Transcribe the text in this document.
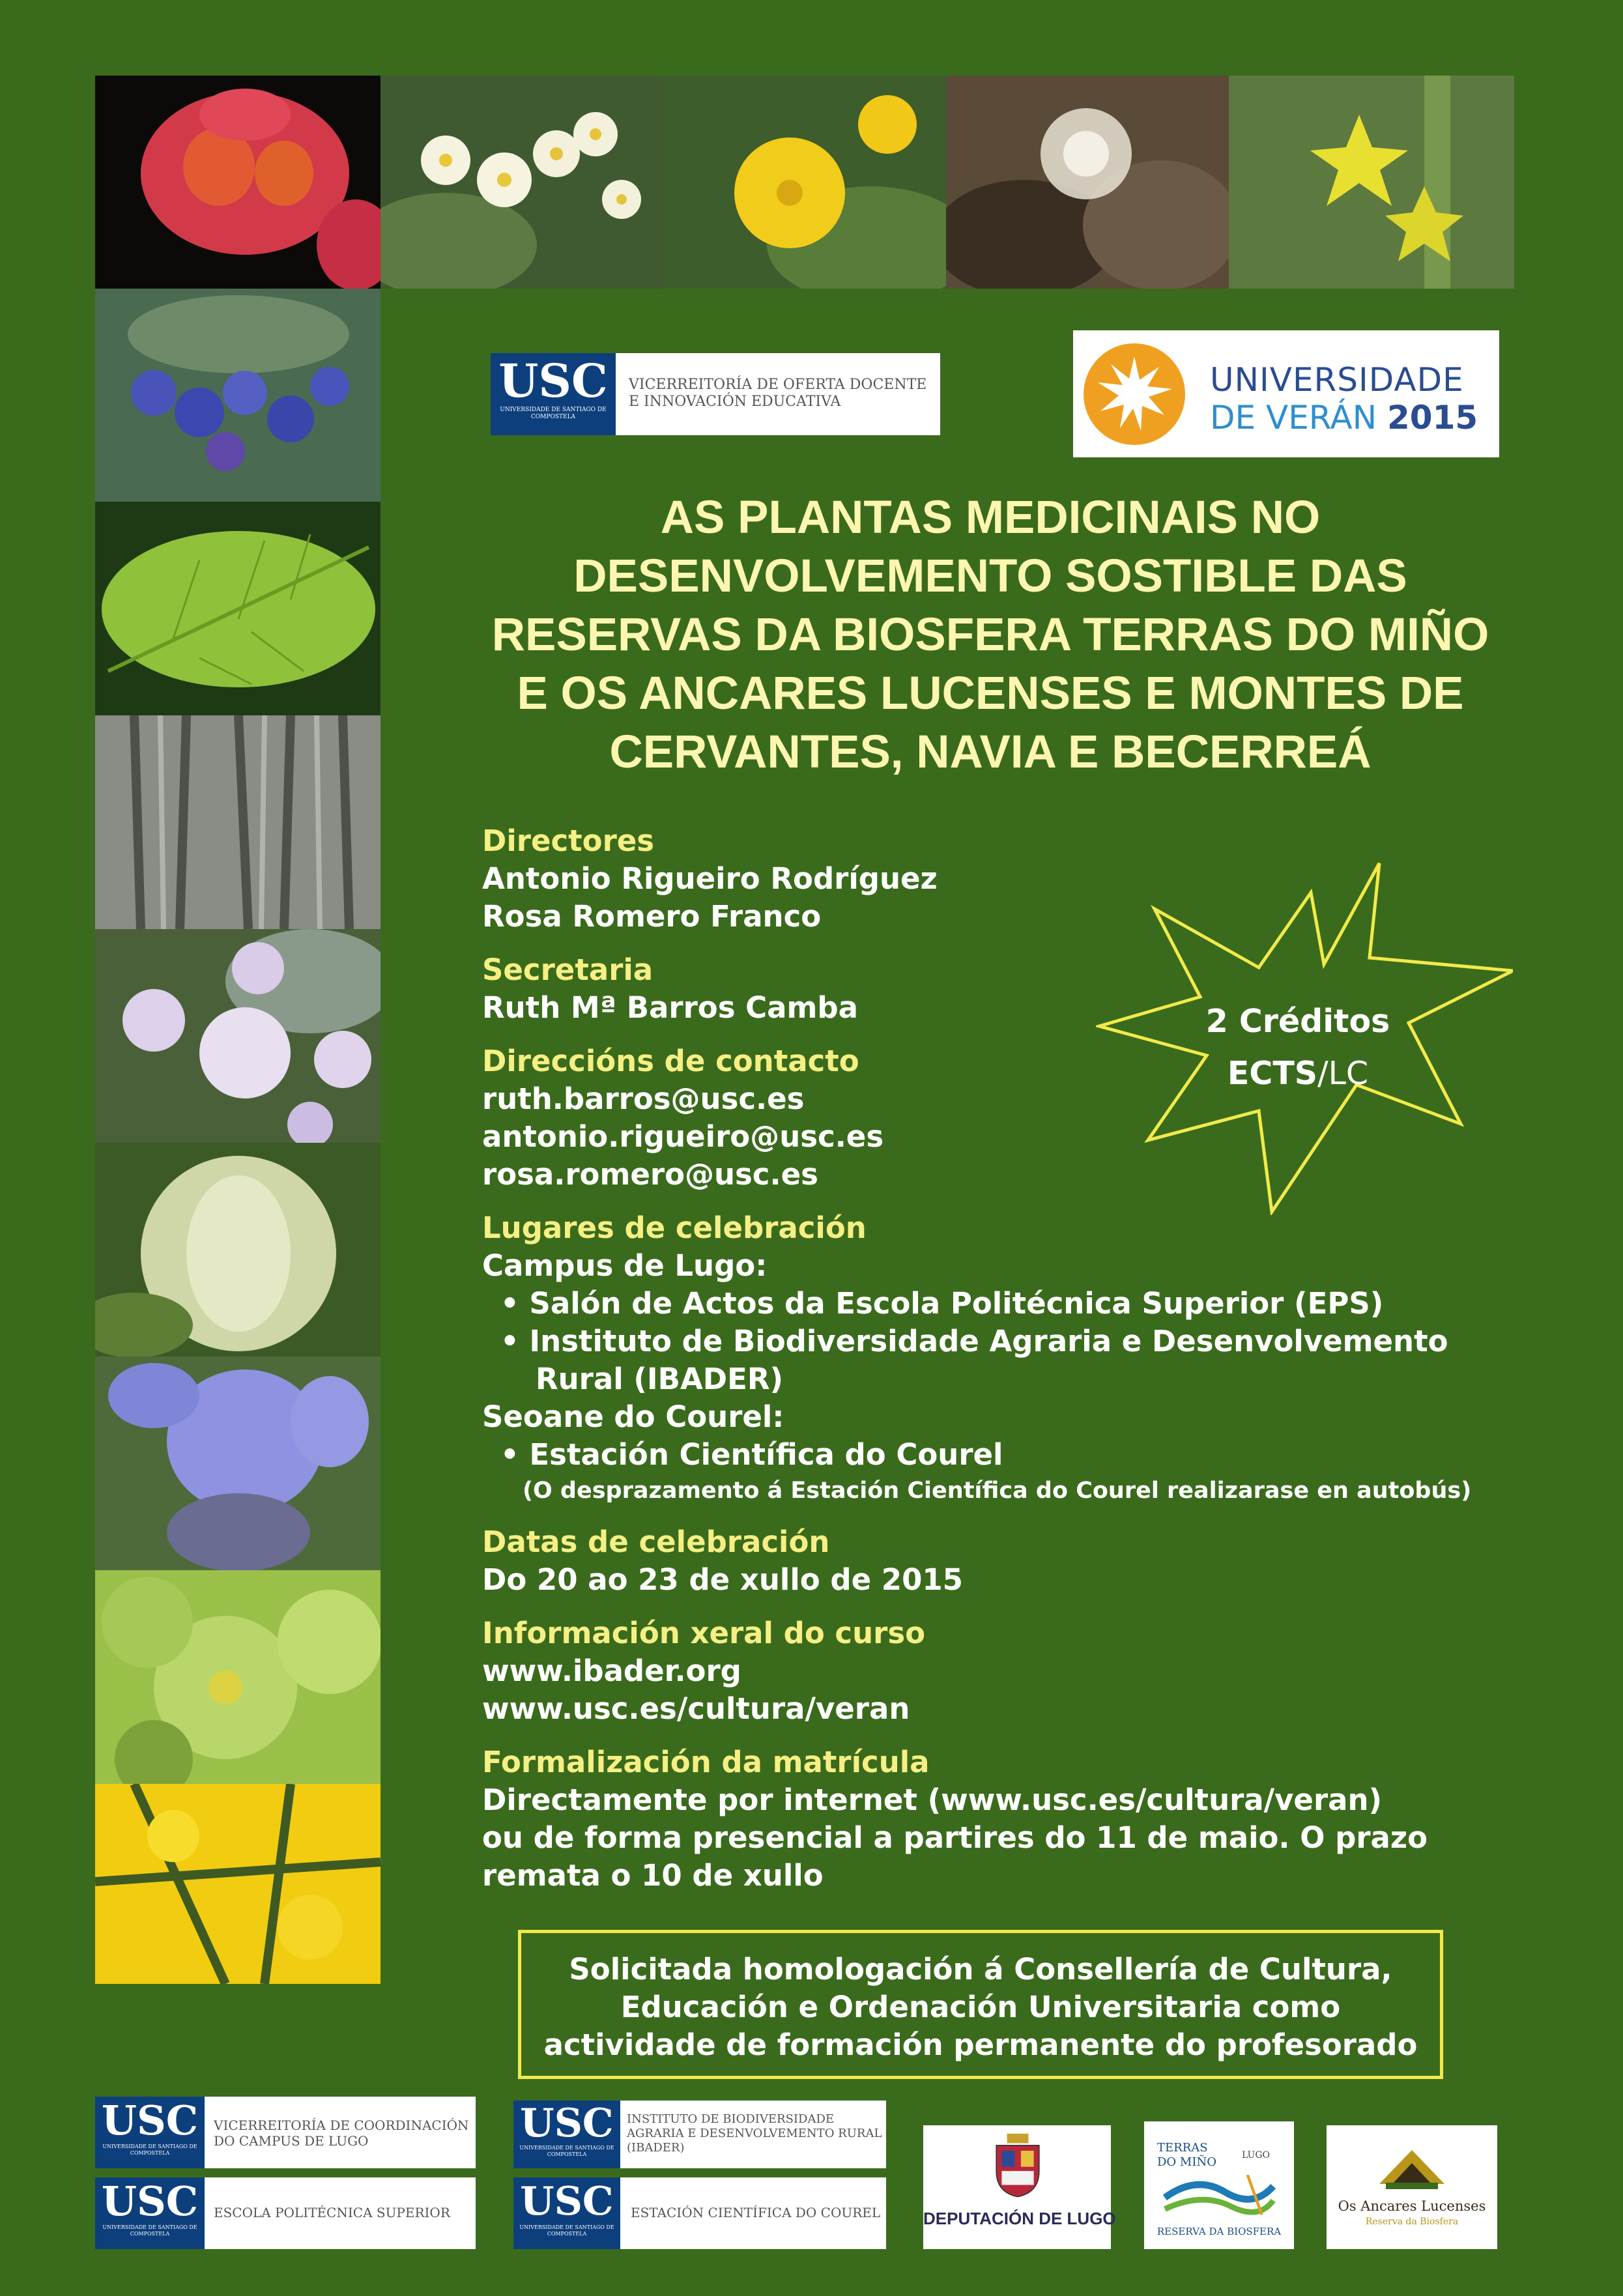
USC
UNIVERSIDADE DE SANTIAGO DE COMPOSTELA
VICERREITORÍA DE OFERTA DOCENTE
E INNOVACIÓN EDUCATIVA
UNIVERSIDADE
DE VERÁN 2015
AS PLANTAS MEDICINAIS NO
DESENVOLVEMENTO SOSTIBLE DAS
RESERVAS DA BIOSFERA TERRAS DO MIÑO
E OS ANCARES LUCENSES E MONTES DE
CERVANTES, NAVIA E BECERREÁ
2 Créditos
ECTS/LC
Directores
Antonio Rigueiro Rodríguez
Rosa Romero Franco
Secretaria
Ruth Mª Barros Camba
Direccións de contacto
ruth.barros@usc.es
antonio.rigueiro@usc.es
rosa.romero@usc.es
Lugares de celebración
Campus de Lugo:
• Salón de Actos da Escola Politécnica Superior (EPS)
• Instituto de Biodiversidade Agraria e Desenvolvemento
Rural (IBADER)
Seoane do Courel:
• Estación Científica do Courel
(O desprazamento á Estación Científica do Courel realizarase en autobús)
Datas de celebración
Do 20 ao 23 de xullo de 2015
Información xeral do curso
www.ibader.org
www.usc.es/cultura/veran
Formalización da matrícula
Directamente por internet (www.usc.es/cultura/veran)
ou de forma presencial a partires do 11 de maio. O prazo
remata o 10 de xullo
Solicitada homologación á Consellería de Cultura,
Educación e Ordenación Universitaria como
actividade de formación permanente do profesorado
USC
UNIVERSIDADE DE SANTIAGO DE COMPOSTELA
VICERREITORÍA DE COORDINACIÓN
DO CAMPUS DE LUGO
USC
UNIVERSIDADE DE SANTIAGO DE COMPOSTELA
ESCOLA POLITÉCNICA SUPERIOR
USC
UNIVERSIDADE DE SANTIAGO DE COMPOSTELA
INSTITUTO DE BIODIVERSIDADE
AGRARIA E DESENVOLVEMENTO RURAL
(IBADER)
USC
UNIVERSIDADE DE SANTIAGO DE COMPOSTELA
ESTACIÓN CIENTÍFICA DO COUREL	DEPUTACIÓN DE LUGO
TERRAS
DO MIÑO	LUGO
RESERVA DA BIOSFERA
Os Ancares Lucenses
Reserva da Biosfera
